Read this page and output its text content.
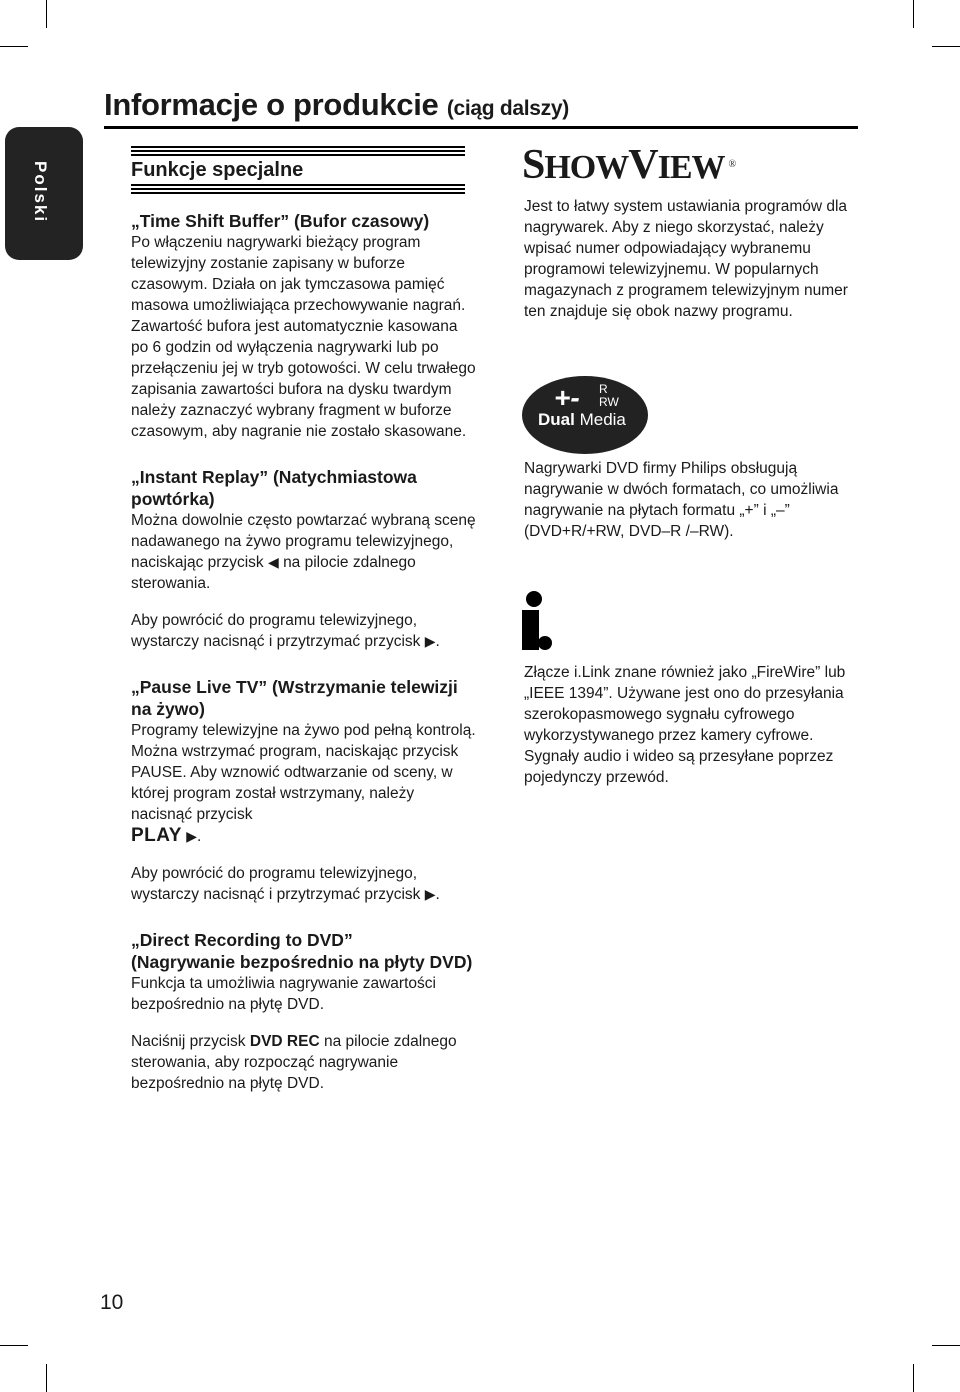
Informacje o produkcie (ciąg dalszy)
Polski	Funkcje specjalne

„Time Shift Buffer” (Bufor czasowy)

Po włączeniu nagrywarki bieżący program telewizyjny zostanie zapisany w buforze czasowym. Działa on jak tymczasowa pamięć masowa umożliwiająca przechowywanie nagrań. Zawartość bufora jest automatycznie kasowana po 6 godzin od wyłączenia nagrywarki lub po przełączeniu jej w tryb gotowości. W celu trwałego zapisania zawartości bufora na dysku twardym należy zaznaczyć wybrany fragment w buforze czasowym, aby nagranie nie zostało skasowane.

„Instant Replay” (Natychmiastowa powtórka)

Można dowolnie często powtarzać wybraną scenę nadawanego na żywo programu telewizyjnego, naciskając przycisk ◀ na pilocie zdalnego sterowania.

Aby powrócić do programu telewizyjnego, wystarczy nacisnąć i przytrzymać przycisk ▶.

„Pause Live TV” (Wstrzymanie telewizji na żywo)

Programy telewizyjne na żywo pod pełną kontrolą. Można wstrzymać program, naciskając przycisk PAUSE. Aby wznowić odtwarzanie od sceny, w której program został wstrzymany, należy nacisnąć przycisk
PLAY ▶.

Aby powrócić do programu telewizyjnego, wystarczy nacisnąć i przytrzymać przycisk ▶.

„Direct Recording to DVD”

(Nagrywanie bezpośrednio na płyty DVD)

Funkcja ta umożliwia nagrywanie zawartości bezpośrednio na płytę DVD.

Naciśnij przycisk DVD REC na pilocie zdalnego sterowania, aby rozpocząć nagrywanie bezpośrednio na płytę DVD.

SHOWVIEW ®

Jest to łatwy system ustawiania programów dla nagrywarek. Aby z niego skorzystać, należy wpisać numer odpowiadający wybranemu programowi telewizyjnemu. W popularnych magazynach z programem telewizyjnym numer ten znajduje się obok nazwy programu.

+- R
RW
Dual Media

Nagrywarki DVD firmy Philips obsługują nagrywanie w dwóch formatach, co umożliwia nagrywanie na płytach formatu „+” i „–” (DVD+R/+RW, DVD–R /–RW).

Złącze i.Link znane również jako „FireWire” lub „IEEE 1394”. Używane jest ono do przesyłania szerokopasmowego sygnału cyfrowego wykorzystywanego przez kamery cyfrowe. Sygnały audio i wideo są przesyłane poprzez pojedynczy przewód.

10
